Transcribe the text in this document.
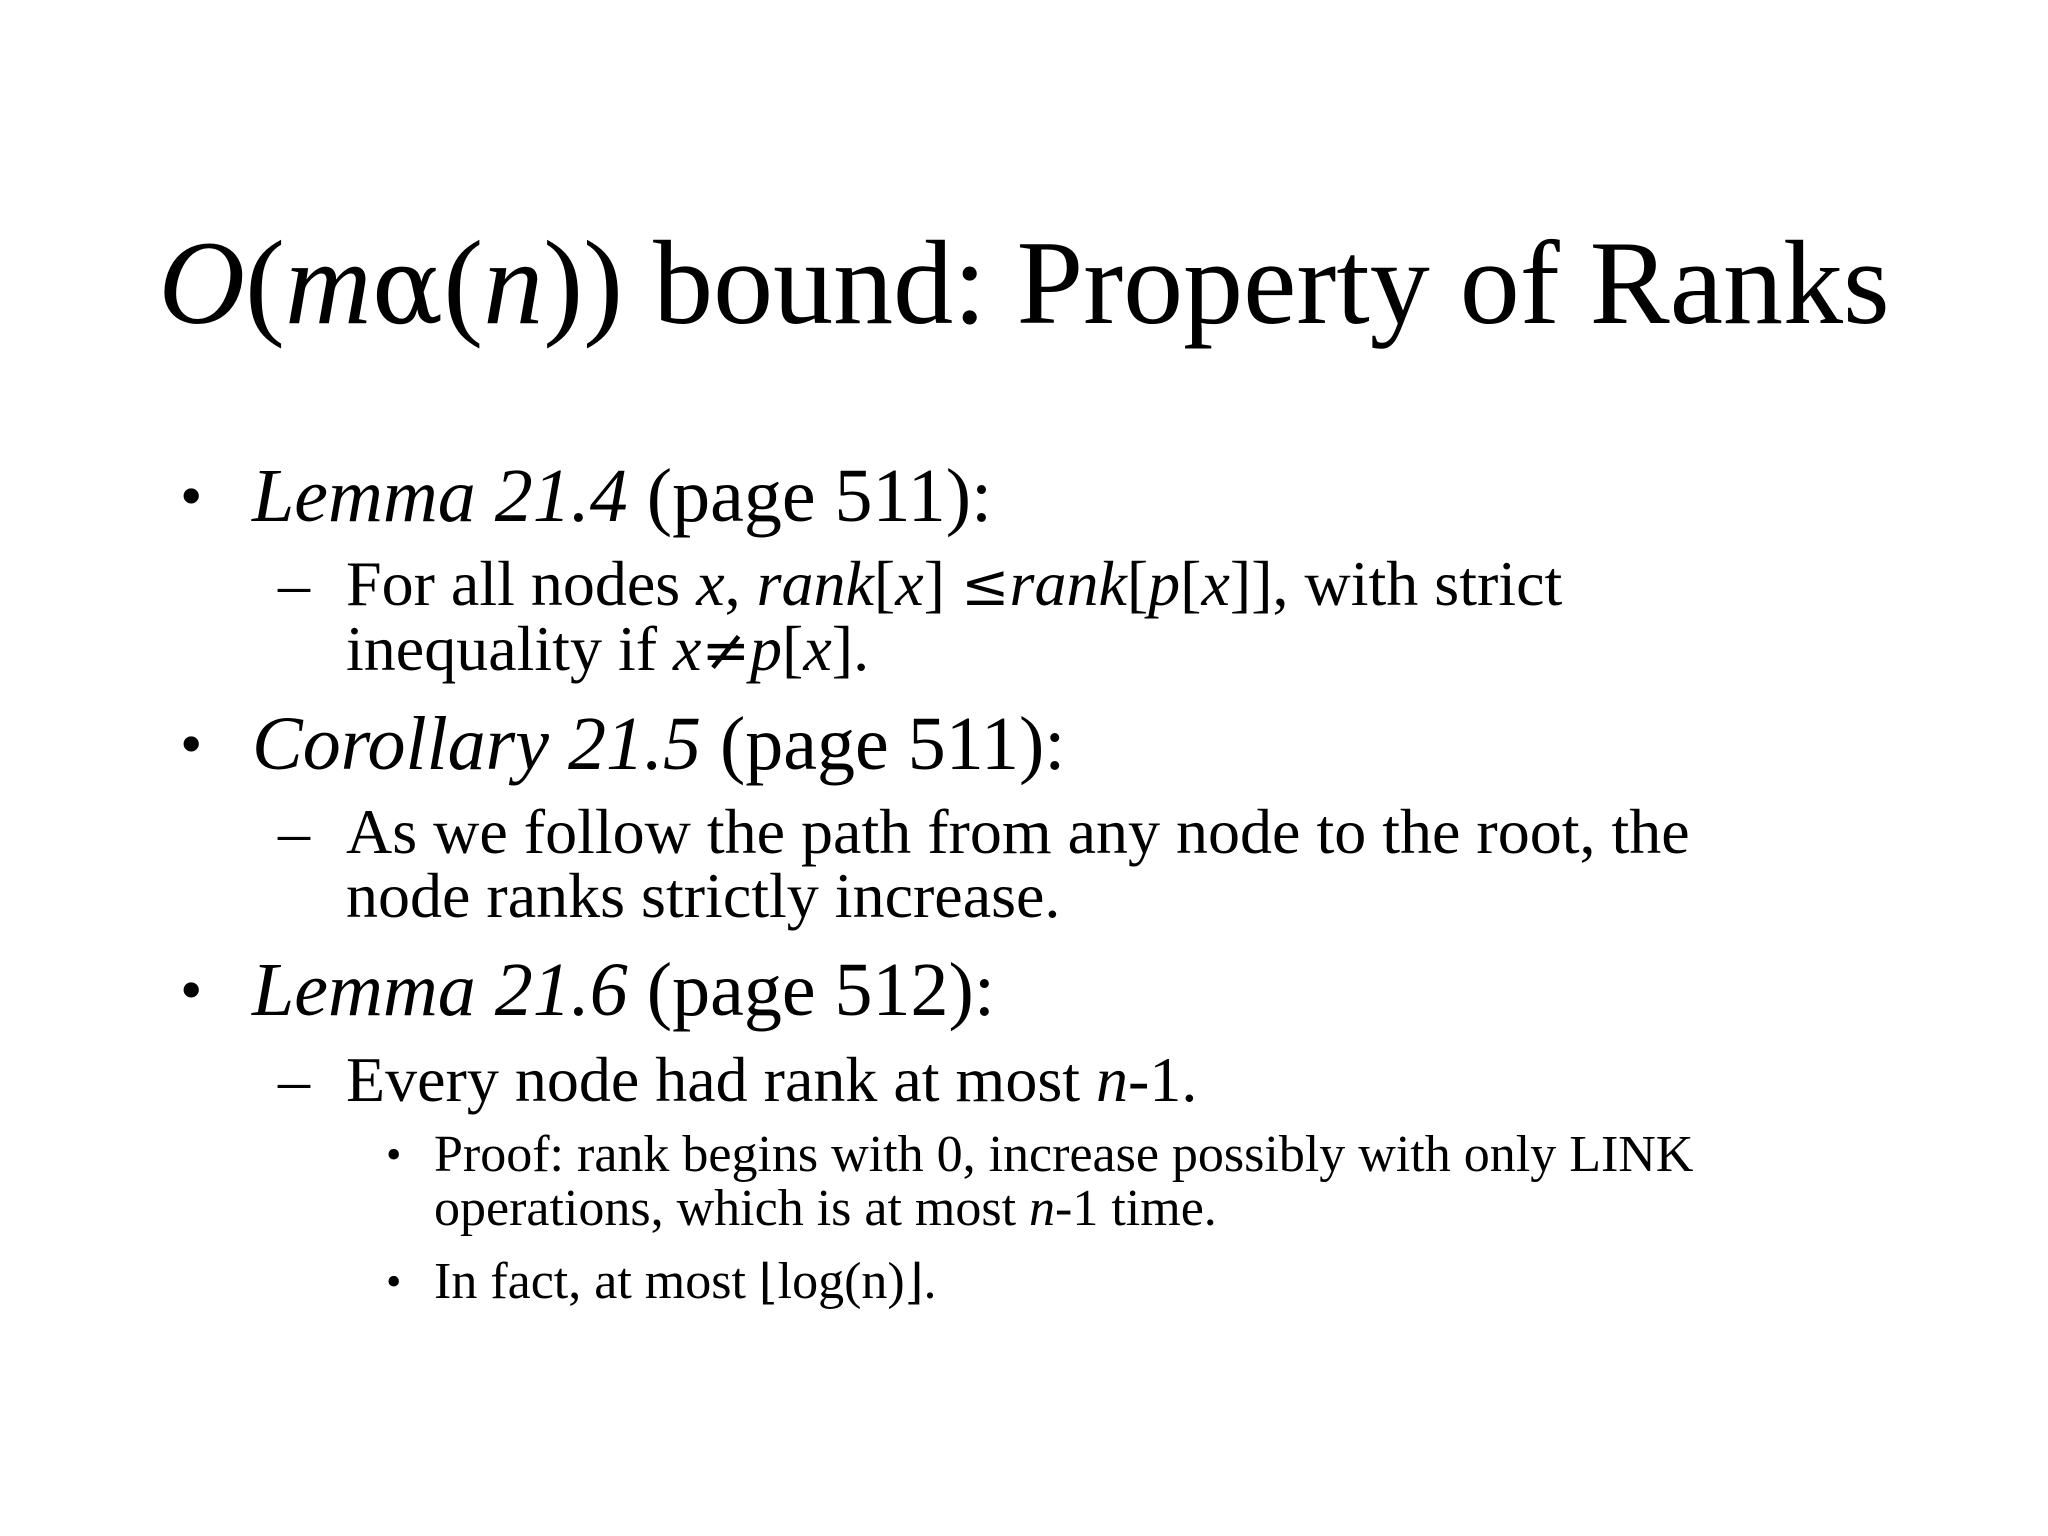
O(mα(n)) bound: Property of Ranks
• Lemma 21.4 (page 511):
– For all nodes x, rank[x] ≤rank[p[x]], with strict
inequality if x≠p[x].
• Corollary 21.5 (page 511):
– As we follow the path from any node to the root, the
node ranks strictly increase.
• Lemma 21.6 (page 512):
– Every node had rank at most n-1.
• Proof: rank begins with 0, increase possibly with only LINK
operations, which is at most n-1 time.
• In fact, at most ⌊log(n)⌋.
